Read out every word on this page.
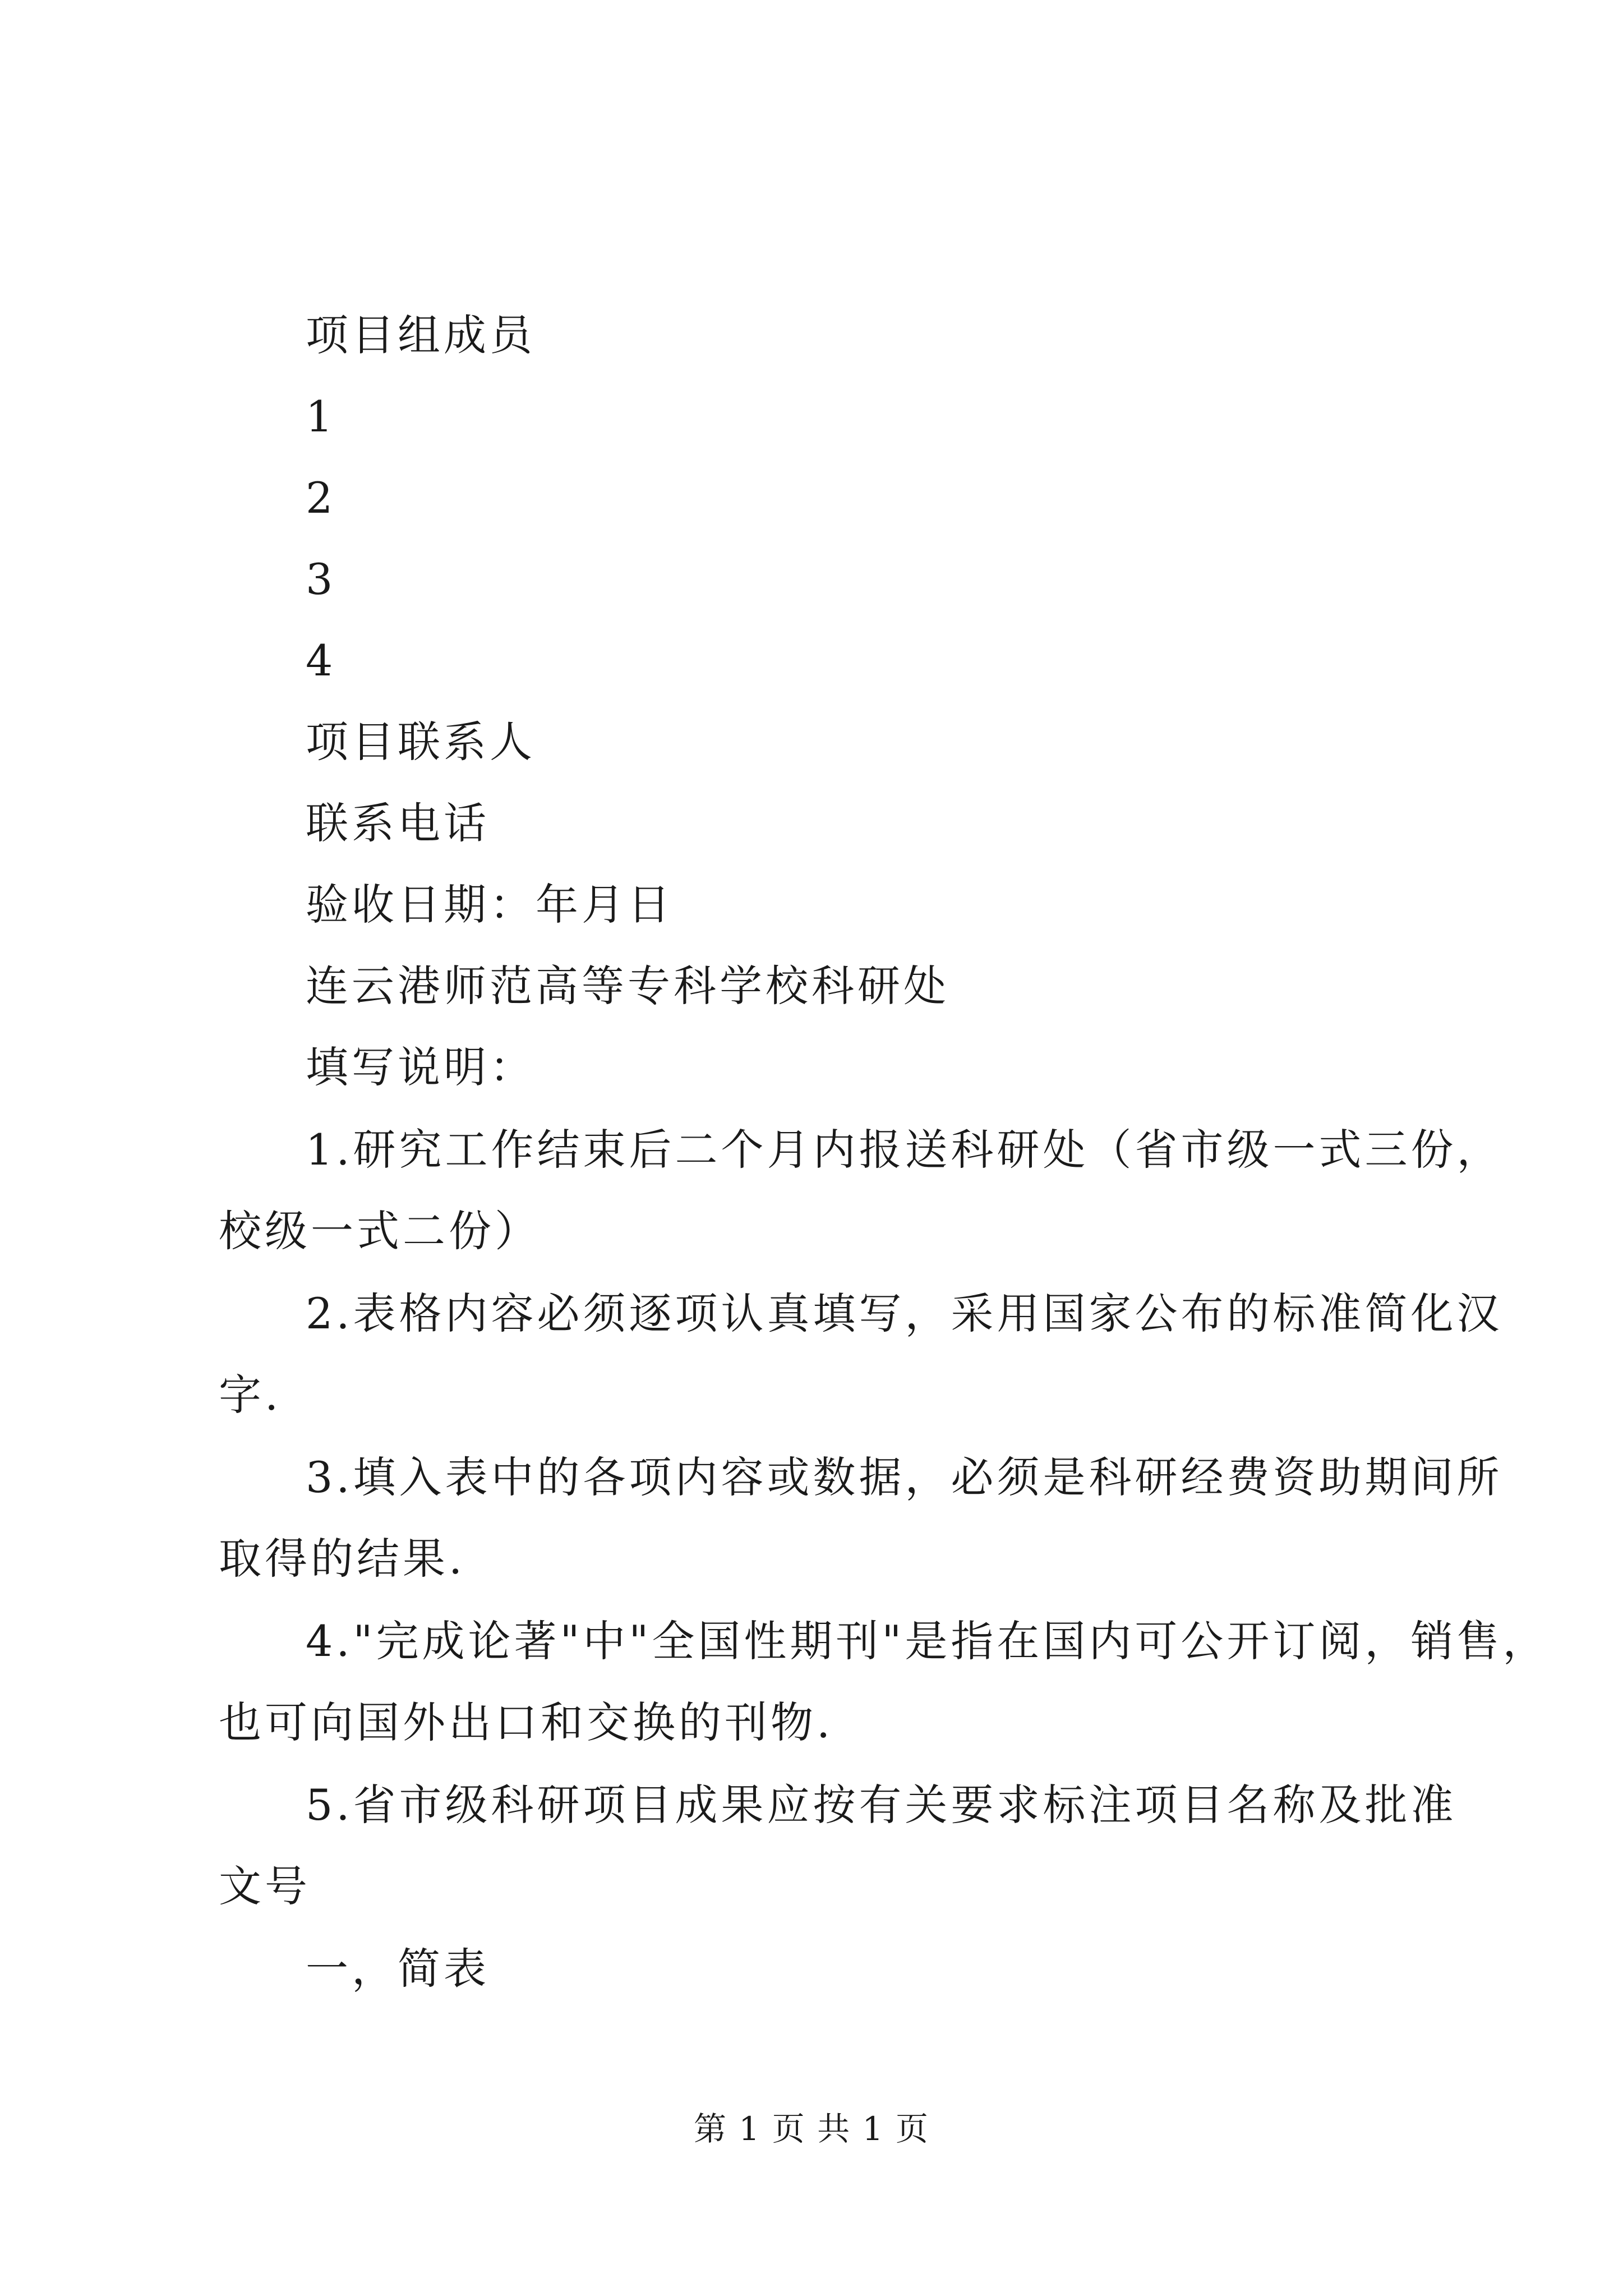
项目组成员
1
2
3
4
项目联系人
联系电话
验收日期：年月日
连云港师范高等专科学校科研处
填写说明：
1.研究工作结束后二个月内报送科研处（省市级一式三份，
校级一式二份）
2.表格内容必须逐项认真填写，采用国家公布的标准简化汉
字.
3.填入表中的各项内容或数据，必须是科研经费资助期间所
取得的结果.
4."完成论著"中"全国性期刊"是指在国内可公开订阅，销售，
也可向国外出口和交换的刊物.
5.省市级科研项目成果应按有关要求标注项目名称及批准
文号
一，简表
第 1 页 共 1 页
